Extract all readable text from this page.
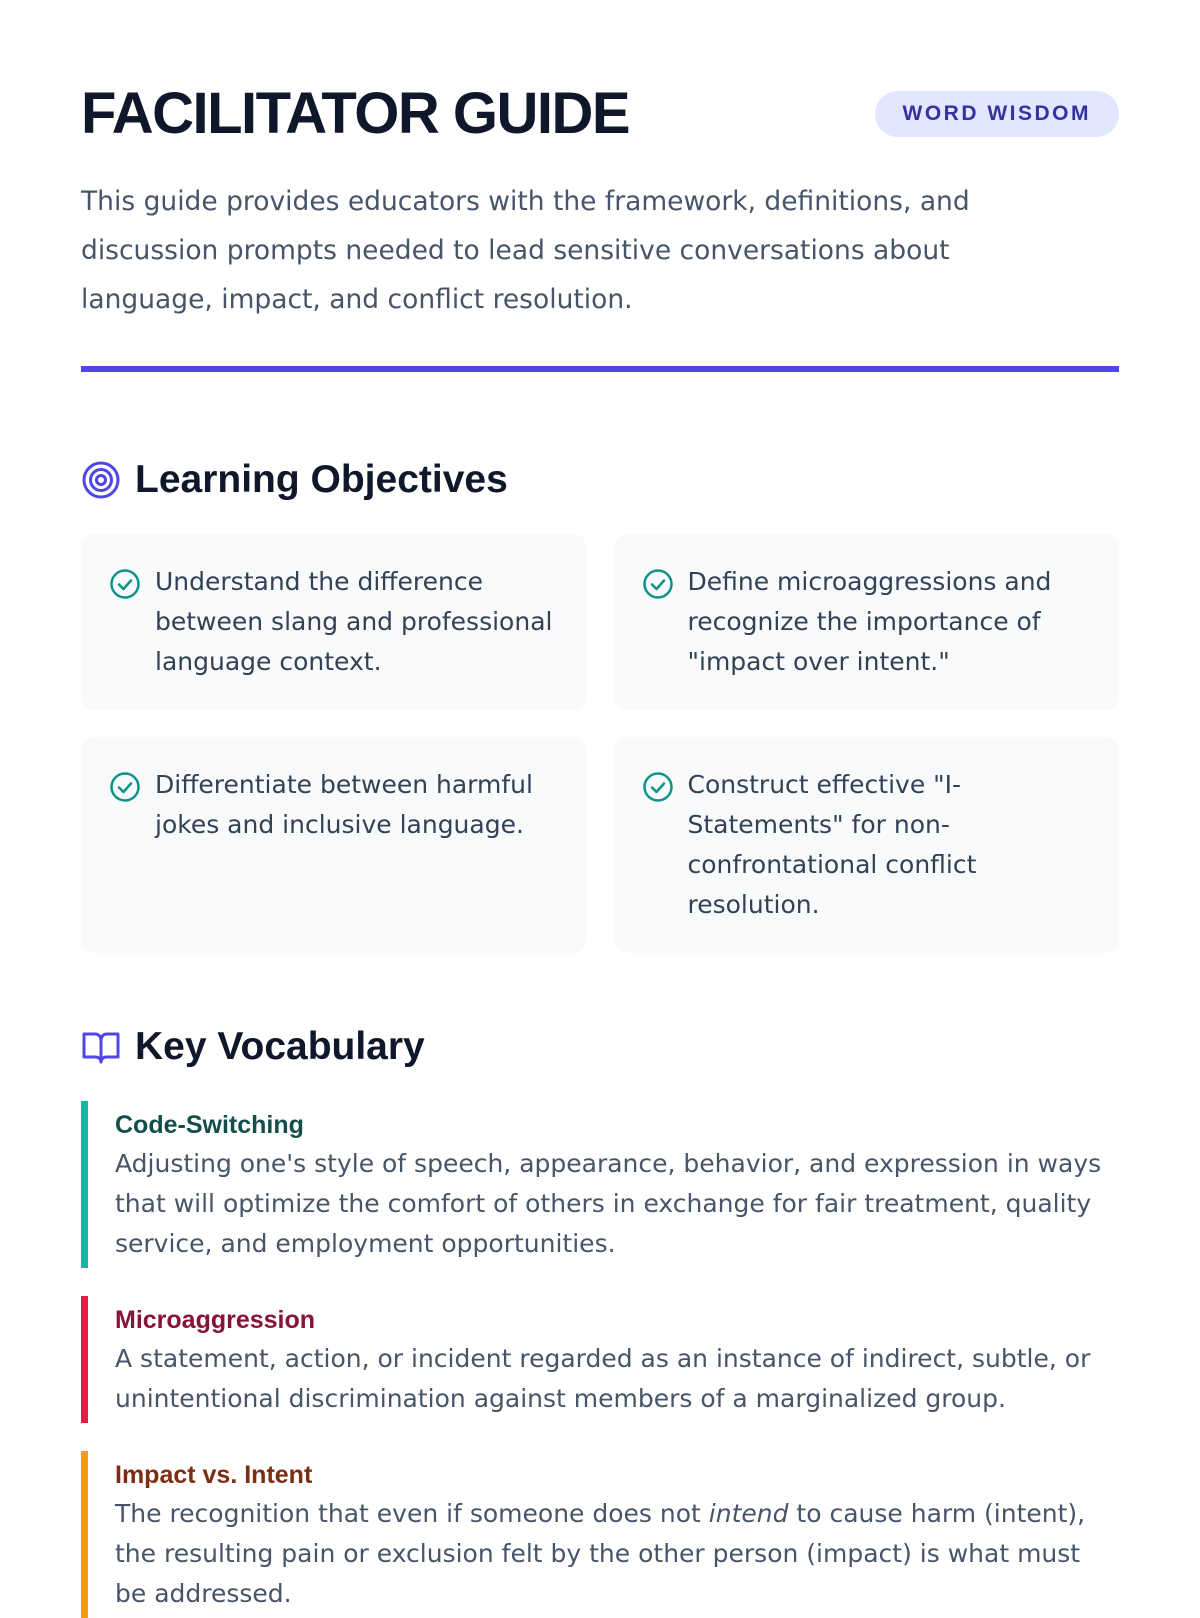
FACILITATOR GUIDE	WORD WISDOM

This guide provides educators with the framework, definitions, and discussion prompts needed to lead sensitive conversations about language, impact, and conflict resolution.

Learning Objectives
Understand the difference between slang and professional language context.
Define microaggressions and recognize the importance of "impact over intent."
Differentiate between harmful jokes and inclusive language.
Construct effective "I-Statements" for non-confrontational conflict resolution.
Key Vocabulary

Code-Switching

Adjusting one's style of speech, appearance, behavior, and expression in ways that will optimize the comfort of others in exchange for fair treatment, quality service, and employment opportunities.

Microaggression

A statement, action, or incident regarded as an instance of indirect, subtle, or unintentional discrimination against members of a marginalized group.

Impact vs. Intent

The recognition that even if someone does not intend to cause harm (intent), the resulting pain or exclusion felt by the other person (impact) is what must be addressed.
